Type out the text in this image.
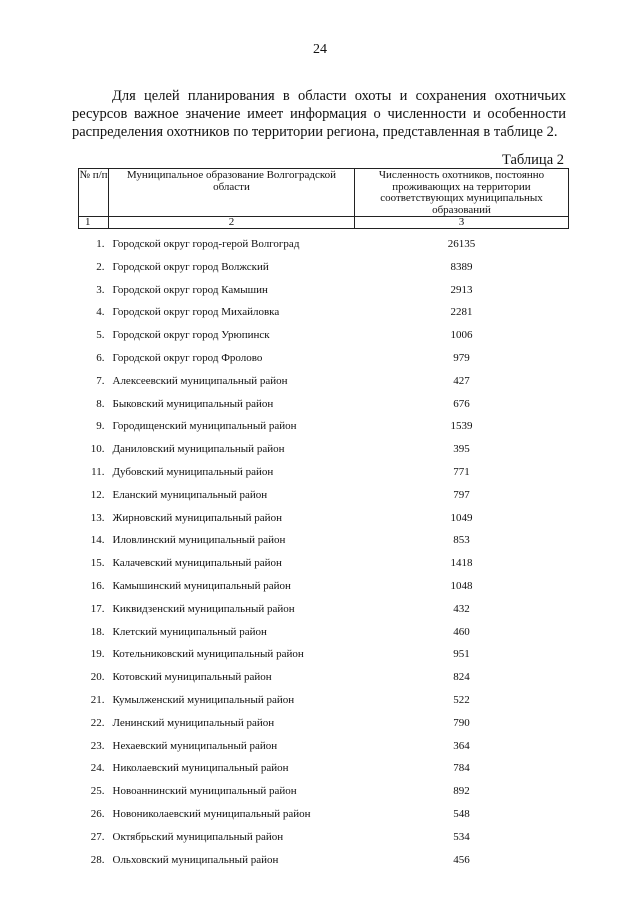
24

Для целей планирования в области охоты и сохранения охотничьих ресурсов важное значение имеет информация о численности и особенности распределения охотников по территории региона, представленная в таблице 2.

Таблица 2
№ п/п	Муниципальное образование Волгоградской области	Численность охотников, постоянно проживающих на территории соответствующих муниципальных образований
1	2	3
1.	Городской округ город-герой Волгоград	26135
2.	Городской округ город Волжский	8389
3.	Городской округ город Камышин	2913
4.	Городской округ город Михайловка	2281
5.	Городской округ город Урюпинск	1006
6.	Городской округ город Фролово	979
7.	Алексеевский муниципальный район	427
8.	Быковский муниципальный район	676
9.	Городищенский муниципальный район	1539
10.	Даниловский муниципальный район	395
11.	Дубовский муниципальный район	771
12.	Еланский муниципальный район	797
13.	Жирновский муниципальный район	1049
14.	Иловлинский муниципальный район	853
15.	Калачевский муниципальный район	1418
16.	Камышинский муниципальный район	1048
17.	Киквидзенский муниципальный район	432
18.	Клетский муниципальный район	460
19.	Котельниковский муниципальный район	951
20.	Котовский муниципальный район	824
21.	Кумылженский муниципальный район	522
22.	Ленинский муниципальный район	790
23.	Нехаевский муниципальный район	364
24.	Николаевский муниципальный район	784
25.	Новоаннинский муниципальный район	892
26.	Новониколаевский муниципальный район	548
27.	Октябрьский муниципальный район	534
28.	Ольховский муниципальный район	456
